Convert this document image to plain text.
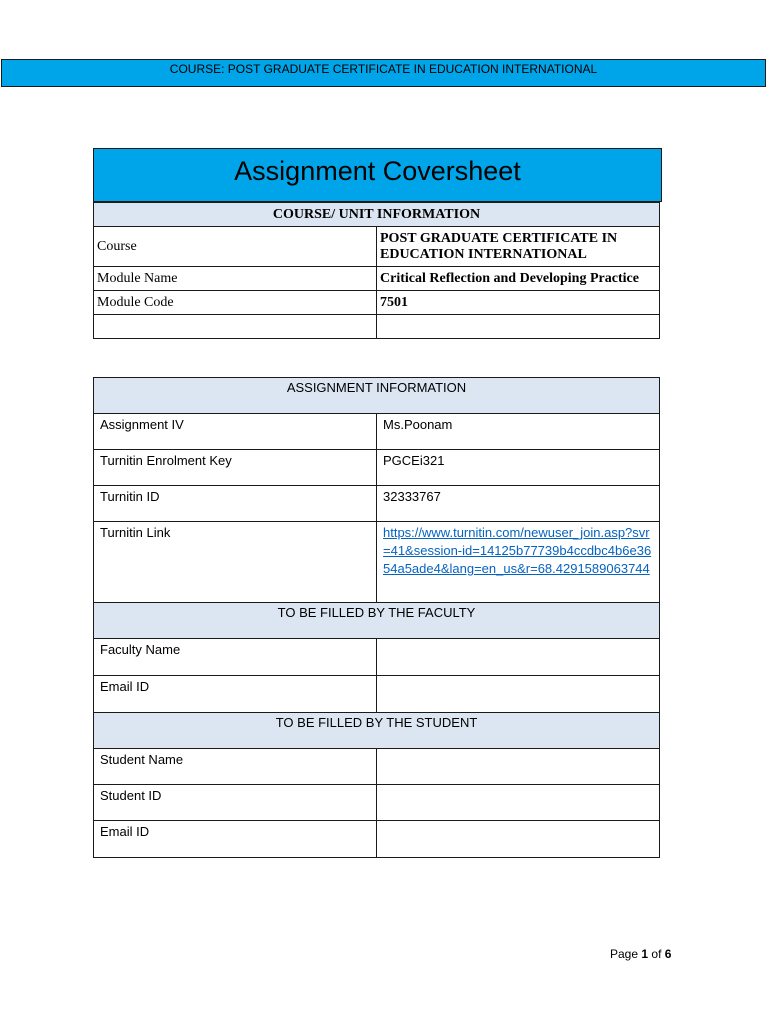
COURSE: POST GRADUATE CERTIFICATE IN EDUCATION INTERNATIONAL
Assignment Coversheet
COURSE/ UNIT INFORMATION	
Course	POST GRADUATE CERTIFICATE IN EDUCATION INTERNATIONAL
Module Name	Critical Reflection and Developing Practice
Module Code	7501

ASSIGNMENT INFORMATION	
Assignment IV	Ms.Poonam
Turnitin Enrolment Key	PGCEi321
Turnitin ID	32333767
Turnitin Link	https://www.turnitin.com/newuser_join.asp?svr=41&session-id=14125b77739b4ccdbc4b6e3654a5ade4&lang=en_us&r=68.4291589063744
TO BE FILLED BY THE FACULTY	
Faculty Name	
Email ID	
TO BE FILLED BY THE STUDENT	
Student Name	
Student ID	
Email ID	
Page 1 of 6
